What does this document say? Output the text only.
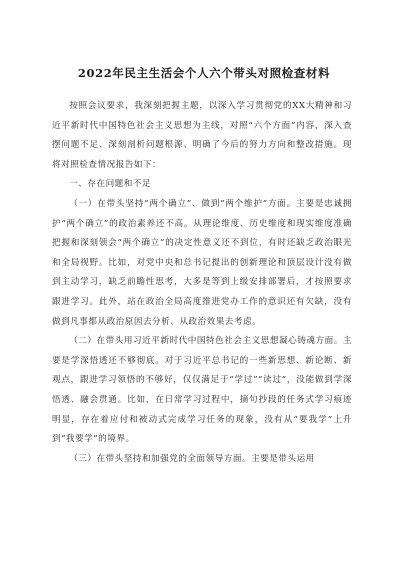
2022年民主生活会个人六个带头对照检查材料

按照会议要求，我深刻把握主题，以深入学习贯彻党的XX大精神和习近平新时代中国特色社会主义思想为主线，对照“六个方面”内容，深入查摆问题不足、深刻剖析问题根源、明确了今后的努力方向和整改措施。现将对照检查情况报告如下：

一、存在问题和不足

（一）在带头坚持“两个确立”、做到“两个维护”方面。主要是忠诚拥护“两个确立”的政治素养还不高。从理论维度、历史维度和现实维度准确把握和深刻领会“两个确立”的决定性意义还不到位，有时还缺乏政治眼光和全局视野。比如，对党中央和总书记提出的创新理论和顶层设计没有做到主动学习，缺乏前瞻性思考，大多是等到上级安排部署后，才按照要求跟进学习。此外，站在政治全局高度推进党办工作的意识还有欠缺，没有做到凡事都从政治原因去分析、从政治效果去考虑。

（二）在带头用习近平新时代中国特色社会主义思想凝心铸魂方面。主要是学深悟透还不够彻底。对于习近平总书记的一些新思想、新论断、新观点，跟进学习领悟的不够好，仅仅满足于“学过”“读过”，没能做到学深悟透、融会贯通。比如，在日常学习过程中，摘句抄段的任务式学习痕迹明显，存在着应付和被动式完成学习任务的现象，没有从“要我学”上升到“我要学”的境界。

（三）在带头坚持和加强党的全面领导方面。主要是带头运用
